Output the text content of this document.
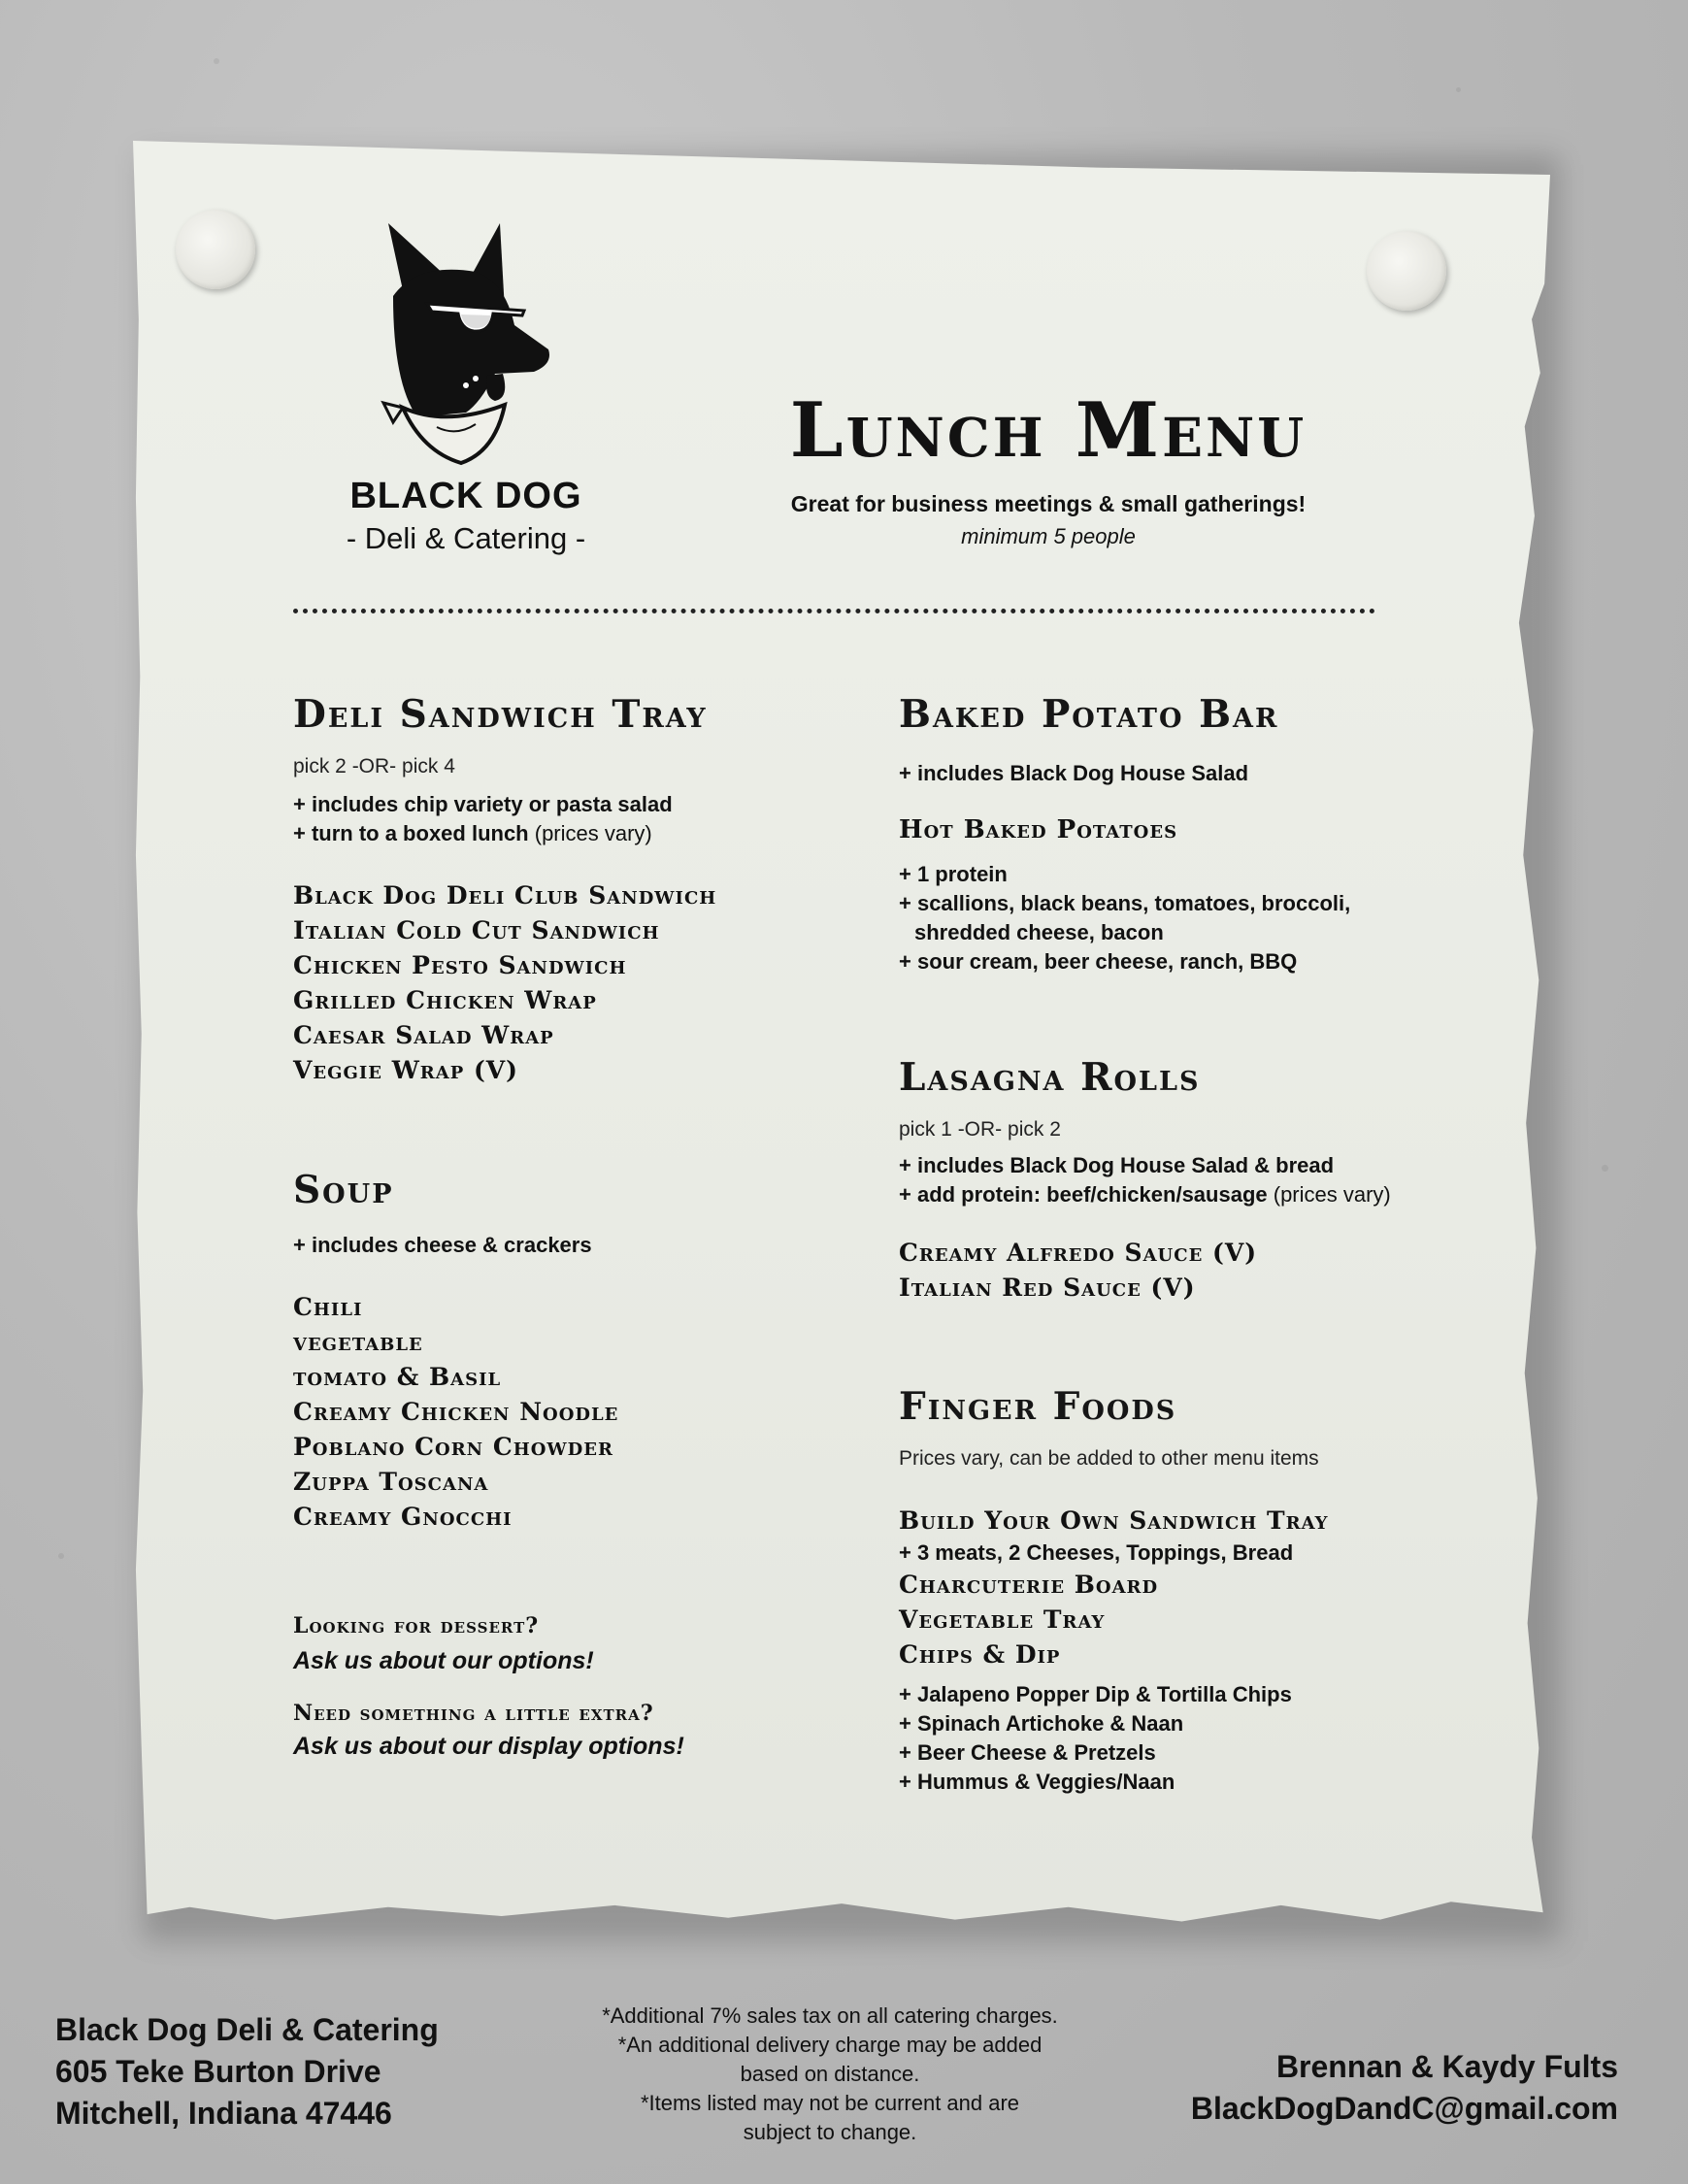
BLACK DOG
- Deli & Catering -
Lunch Menu
Great for business meetings & small gatherings!
minimum 5 people
Deli Sandwich Tray
pick 2 -OR- pick 4
+ includes chip variety or pasta salad
+ turn to a boxed lunch (prices vary)
Black Dog Deli Club Sandwich
Italian Cold Cut Sandwich
Chicken Pesto Sandwich
Grilled Chicken Wrap
Caesar Salad Wrap
Veggie Wrap (V)
Soup
+ includes cheese & crackers
Chili
vegetable
tomato & Basil
Creamy Chicken Noodle
Poblano Corn Chowder
Zuppa Toscana
Creamy Gnocchi
Looking for dessert?
Ask us about our options!
Need something a little extra?
Ask us about our display options!
Baked Potato Bar
+ includes Black Dog House Salad
Hot Baked Potatoes
+ 1 protein
+ scallions, black beans, tomatoes, broccoli,
shredded cheese, bacon
+ sour cream, beer cheese, ranch, BBQ
Lasagna Rolls
pick 1 -OR- pick 2
+ includes Black Dog House Salad & bread
+ add protein: beef/chicken/sausage (prices vary)
Creamy Alfredo Sauce (V)
Italian Red Sauce (V)
Finger Foods
Prices vary, can be added to other menu items
Build Your Own Sandwich Tray
+ 3 meats, 2 Cheeses, Toppings, Bread
Charcuterie Board
Vegetable Tray
Chips & Dip
+ Jalapeno Popper Dip & Tortilla Chips
+ Spinach Artichoke & Naan
+ Beer Cheese & Pretzels
+ Hummus & Veggies/Naan
Black Dog Deli & Catering
605 Teke Burton Drive
Mitchell, Indiana 47446
*Additional 7% sales tax on all catering charges.
*An additional delivery charge may be added
based on distance.
*Items listed may not be current and are
subject to change.
Brennan & Kaydy Fults
BlackDogDandC@gmail.com
